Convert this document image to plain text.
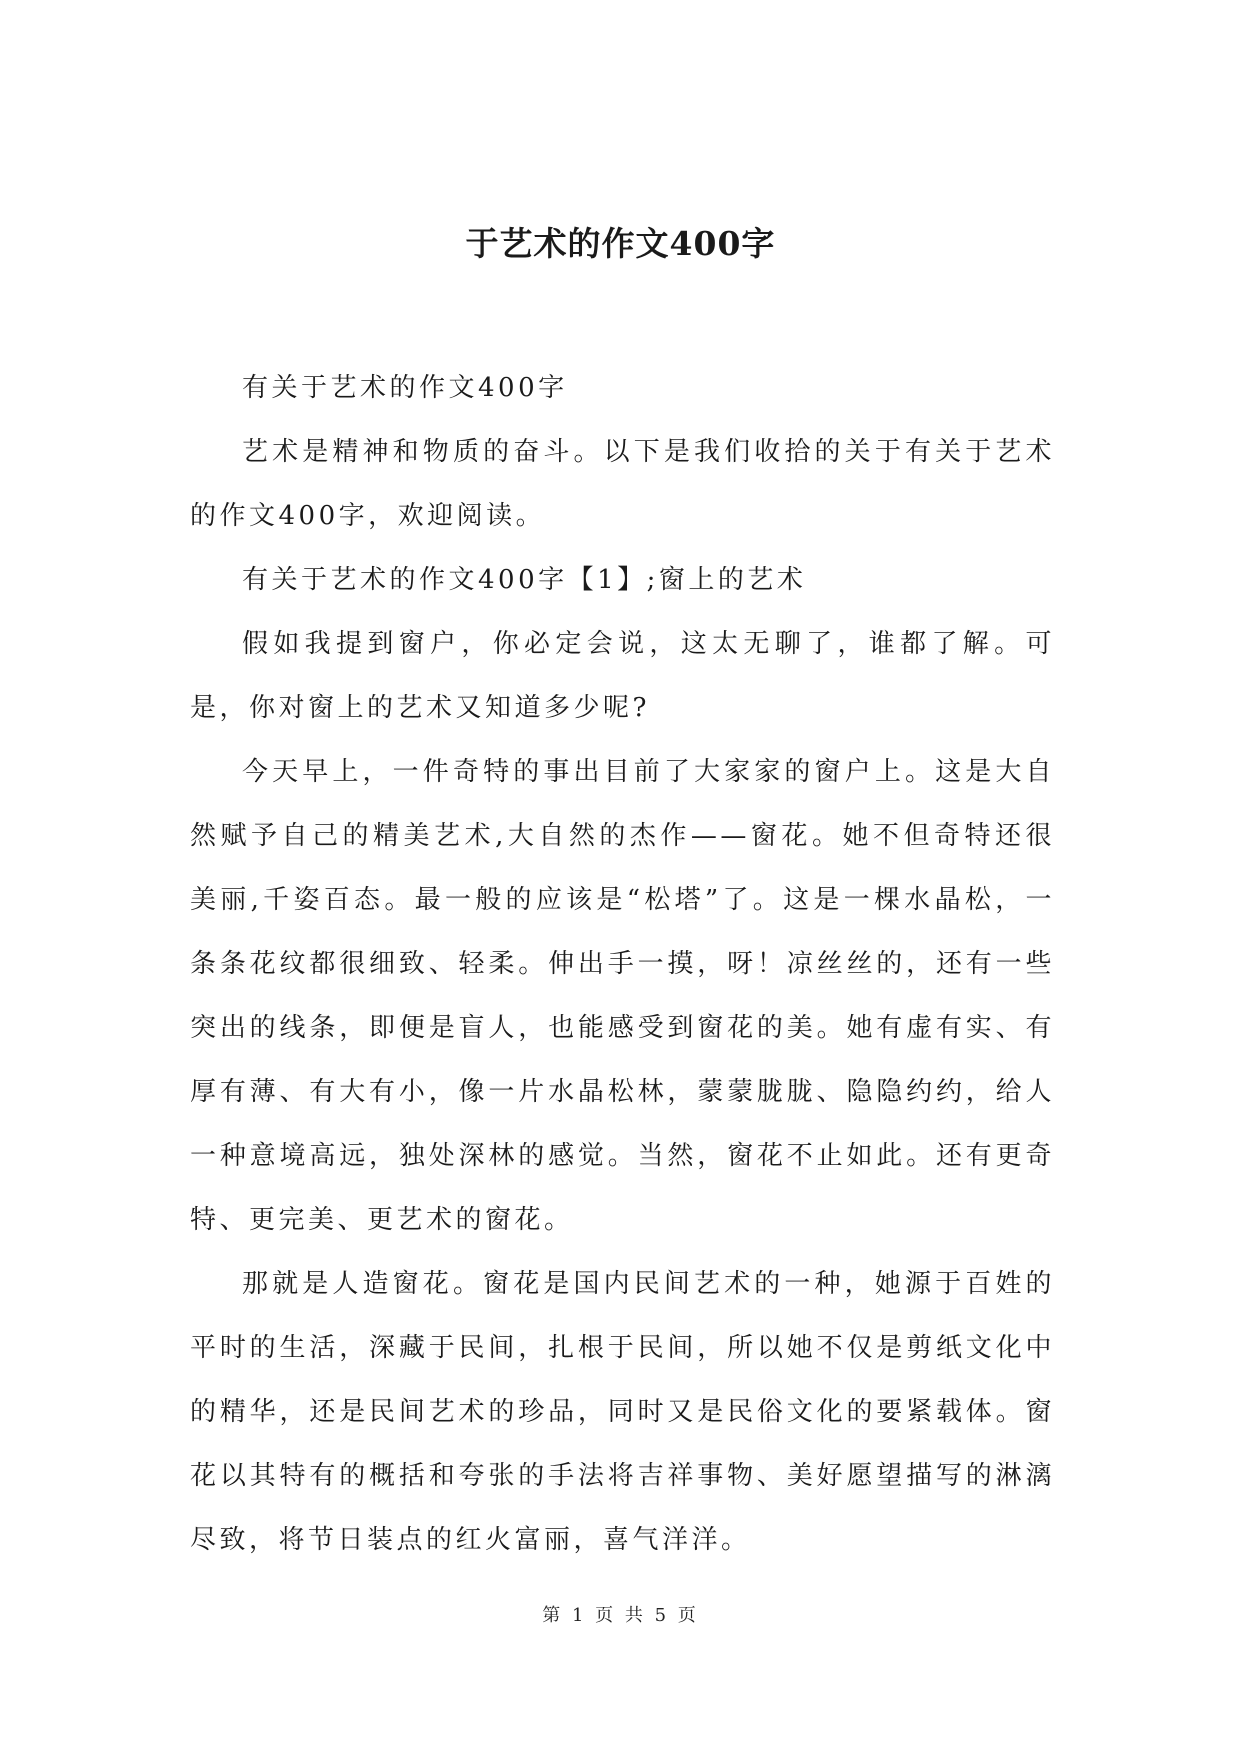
于艺术的作文400字

有关于艺术的作文400字

艺术是精神和物质的奋斗。以下是我们收拾的关于有关于艺术的作文400字，欢迎阅读。

有关于艺术的作文400字【1】;窗上的艺术

假如我提到窗户，你必定会说，这太无聊了，谁都了解。可是，你对窗上的艺术又知道多少呢?

今天早上，一件奇特的事出目前了大家家的窗户上。这是大自然赋予自己的精美艺术,大自然的杰作——窗花。她不但奇特还很美丽,千姿百态。最一般的应该是“松塔”了。这是一棵水晶松，一条条花纹都很细致、轻柔。伸出手一摸，呀！凉丝丝的，还有一些突出的线条，即便是盲人，也能感受到窗花的美。她有虚有实、有厚有薄、有大有小，像一片水晶松林，蒙蒙胧胧、隐隐约约，给人一种意境高远，独处深林的感觉。当然，窗花不止如此。还有更奇特、更完美、更艺术的窗花。

那就是人造窗花。窗花是国内民间艺术的一种，她源于百姓的平时的生活，深藏于民间，扎根于民间，所以她不仅是剪纸文化中的精华，还是民间艺术的珍品，同时又是民俗文化的要紧载体。窗花以其特有的概括和夸张的手法将吉祥事物、美好愿望描写的淋漓尽致，将节日装点的红火富丽，喜气洋洋。

第 1 页 共 5 页
